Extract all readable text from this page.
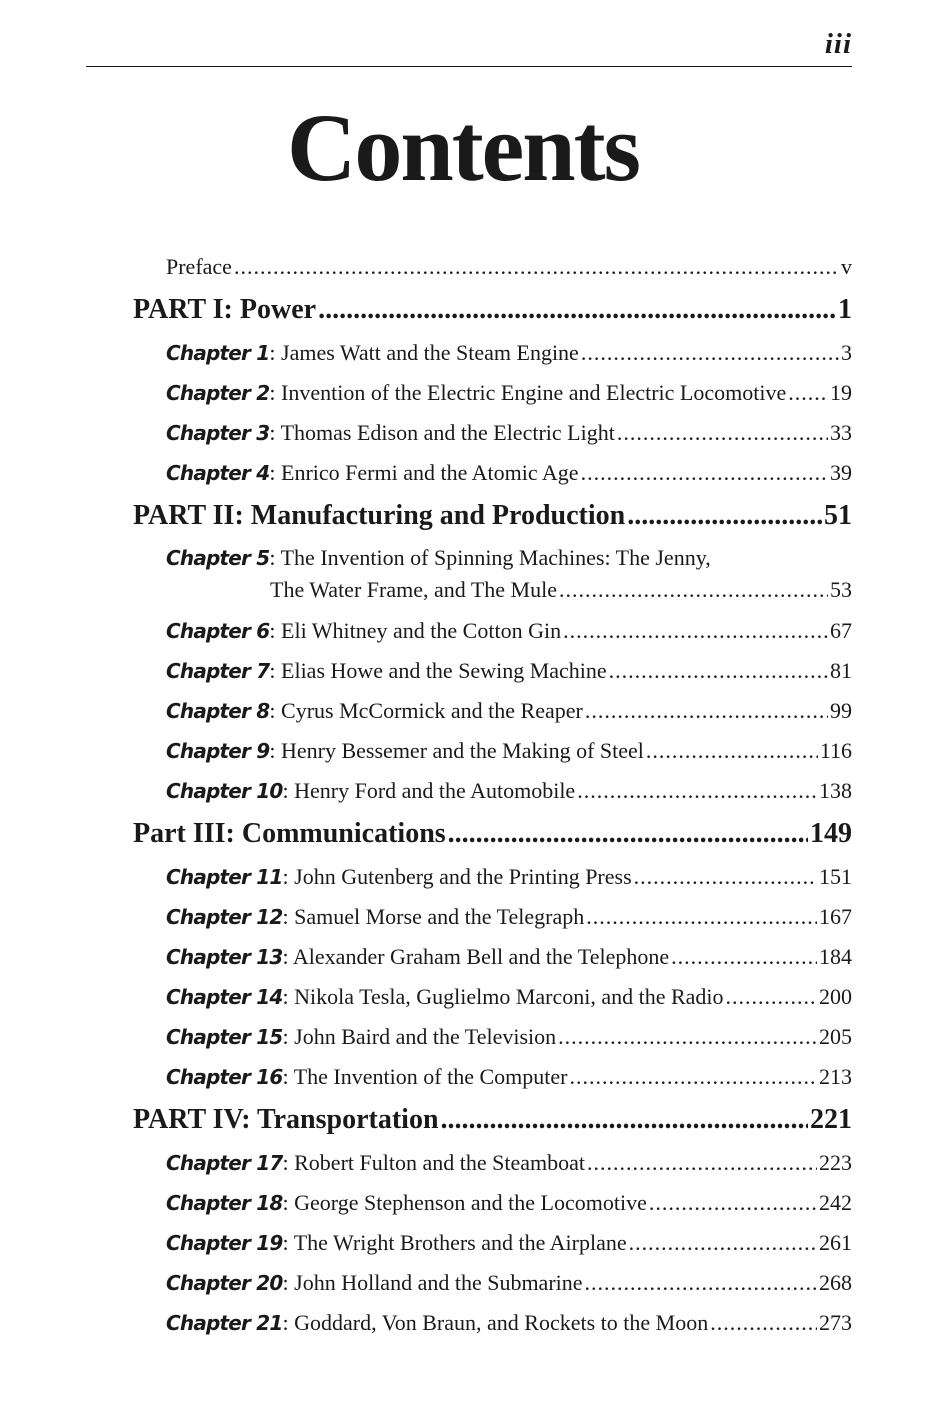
iii
Contents
Preface .....	v
PART I: Power .....	1
Chapter 1: James Watt and the Steam Engine .....	3
Chapter 2: Invention of the Electric Engine and Electric Locomotive ..... 19
Chapter 3: Thomas Edison and the Electric Light .....	33
Chapter 4: Enrico Fermi and the Atomic Age .....	39
PART II: Manufacturing and Production .....	51
Chapter 5: The Invention of Spinning Machines: The Jenny,
The Water Frame, and The Mule .....	53
Chapter 6: Eli Whitney and the Cotton Gin .....	67
Chapter 7: Elias Howe and the Sewing Machine .....	81
Chapter 8: Cyrus McCormick and the Reaper .....	99
Chapter 9: Henry Bessemer and the Making of Steel .....	116
Chapter 10: Henry Ford and the Automobile .....	138
Part III: Communications .....	149
Chapter 11: John Gutenberg and the Printing Press .....	151
Chapter 12: Samuel Morse and the Telegraph .....	167
Chapter 13: Alexander Graham Bell and the Telephone .....	184
Chapter 14: Nikola Tesla, Guglielmo Marconi, and the Radio .....	200
Chapter 15: John Baird and the Television .....	205
Chapter 16: The Invention of the Computer .....	213
PART IV: Transportation .....	221
Chapter 17: Robert Fulton and the Steamboat .....	223
Chapter 18: George Stephenson and the Locomotive .....	242
Chapter 19: The Wright Brothers and the Airplane .....	261
Chapter 20: John Holland and the Submarine .....	268
Chapter 21: Goddard, Von Braun, and Rockets to the Moon .....	273
